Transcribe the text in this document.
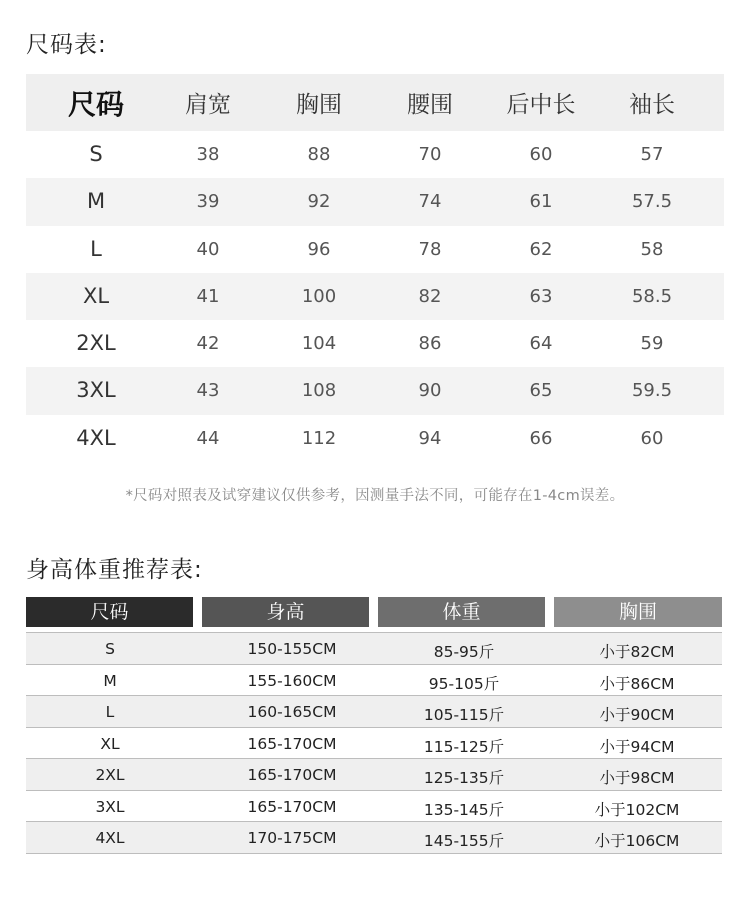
尺码表:
尺码	肩宽	胸围	腰围 后中长 袖长
S	38	88	70	60	57
M	39	92	74	61	57.5
L	40	96	78	62	58
XL	41	100	82	63	58.5
2XL	42	104	86	64	59
3XL	43	108	90	65	59.5
4XL	44	112	94	66	60
*尺码对照表及试穿建议仅供参考，因测量手法不同，可能存在1-4cm误差。
身高体重推荐表:
尺码	身高	体重	胸围
S	150-155CM	85-95斤	小于82CM
M	155-160CM	95-105斤	小于86CM
L	160-165CM	105-115斤	小于90CM
XL	165-170CM	115-125斤	小于94CM
2XL	165-170CM	125-135斤	小于98CM
3XL	165-170CM	135-145斤	小于102CM
4XL	170-175CM	145-155斤	小于106CM
